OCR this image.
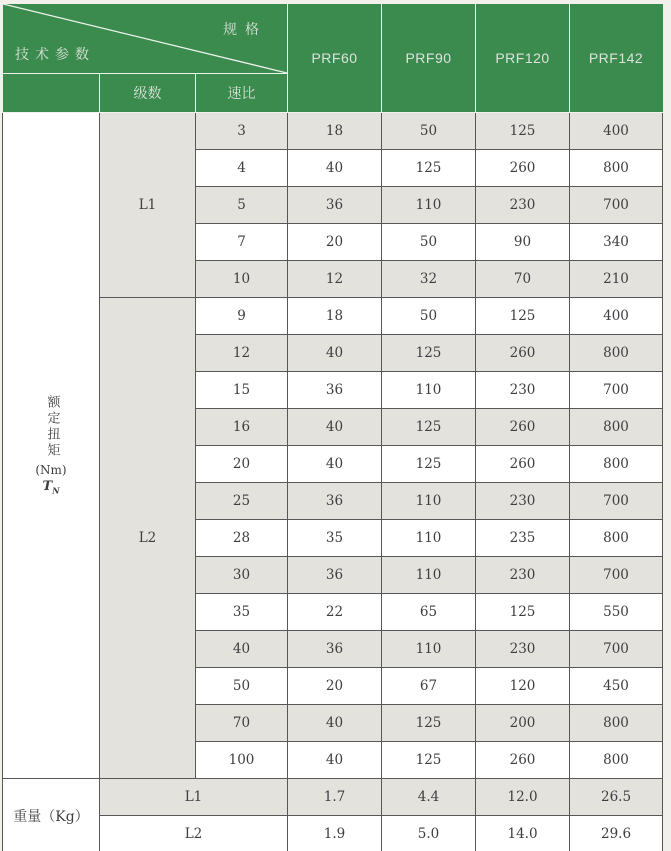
规格
技术参数			PRF60	PRF90	PRF120	PRF142
	级数	速比				

额定扭矩
(Nm)
$T_N$	L1	3	18	50	125	400
		4	40	125	260	800
		5	36	110	230	700
		7	20	50	90	340
		10	12	32	70	210
	L2	9	18	50	125	400
		12	40	125	260	800
		15	36	110	230	700
		16	40	125	260	800
		20	40	125	260	800
		25	36	110	230	700
		28	35	110	235	800
		30	36	110	230	700
		35	22	65	125	550
		40	36	110	230	700
		50	20	67	120	450
		70	40	125	200	800
		100	40	125	260	800
重量（Kg）	L1		1.7	4.4	12.0	26.5
	L2		1.9	5.0	14.0	29.6
